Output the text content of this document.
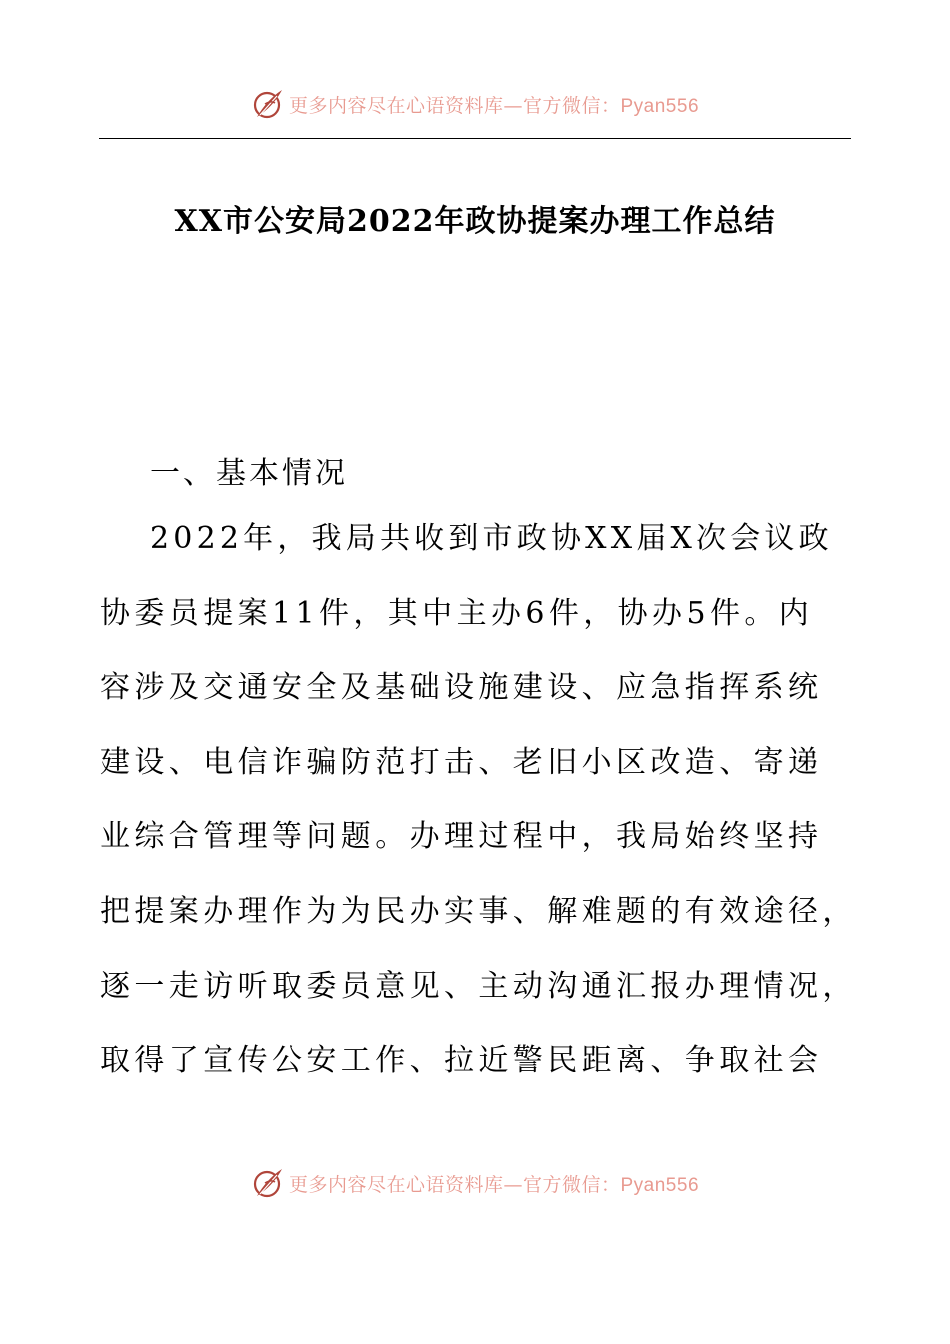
更多内容尽在心语资料库—官方微信：Pyan556
XX市公安局2022年政协提案办理工作总结
一、基本情况
2022年，我局共收到市政协XX届X次会议政
协委员提案11件，其中主办6件，协办5件。内
容涉及交通安全及基础设施建设、应急指挥系统
建设、电信诈骗防范打击、老旧小区改造、寄递
业综合管理等问题。办理过程中，我局始终坚持
把提案办理作为为民办实事、解难题的有效途径，
逐一走访听取委员意见、主动沟通汇报办理情况，
取得了宣传公安工作、拉近警民距离、争取社会
更多内容尽在心语资料库—官方微信：Pyan556
